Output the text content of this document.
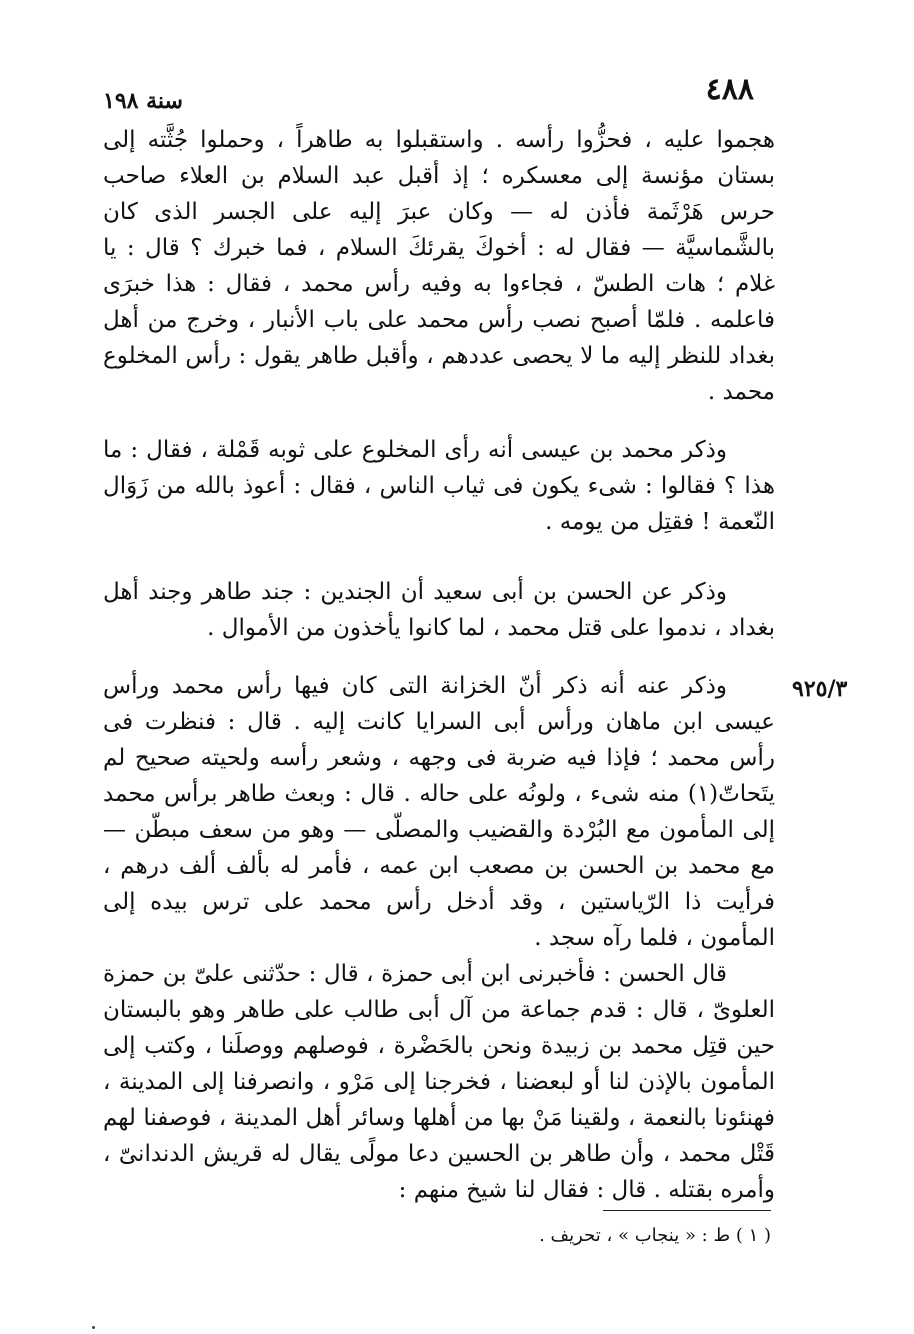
٤٨٨
سنة ١٩٨

هجموا عليه ، فحزُّوا رأسه . واستقبلوا به طاهراً ، وحملوا جُثَّته إلى بستان مؤنسة إلى معسكره ؛ إذ أقبل عبد السلام بن العلاء صاحب حرس هَرْثَمة فأذن له — وكان عبرَ إليه على الجسر الذى كان بالشَّماسيَّة — فقال له : أخوكَ يقرئكَ السلام ، فما خبرك ؟ قال : يا غلام ؛ هات الطسّ ، فجاءوا به وفيه رأس محمد ، فقال : هذا خبرَى فاعلمه . فلمّا أصبح نصب رأس محمد على باب الأنبار ، وخرج من أهل بغداد للنظر إليه ما لا يحصى عددهم ، وأقبل طاهر يقول : رأس المخلوع محمد .

وذكر محمد بن عيسى أنه رأى المخلوع على ثوبه قَمْلة ، فقال : ما هذا ؟ فقالوا : شىء يكون فى ثياب الناس ، فقال : أعوذ بالله من زَوَال النّعمة ! فقتِل من يومه .

وذكر عن الحسن بن أبى سعيد أن الجندين : جند طاهر وجند أهل بغداد ، ندموا على قتل محمد ، لما كانوا يأخذون من الأموال .

٩٢٥/٣

وذكر عنه أنه ذكر أنّ الخزانة التى كان فيها رأس محمد ورأس عيسى ابن ماهان ورأس أبى السرايا كانت إليه . قال : فنظرت فى رأس محمد ؛ فإذا فيه ضربة فى وجهه ، وشعر رأسه ولحيته صحيح لم يتَحاتّ(١) منه شىء ، ولونُه على حاله . قال : وبعث طاهر برأس محمد إلى المأمون مع البُرْدة والقضيب والمصلّى — وهو من سعف مبطّن — مع محمد بن الحسن بن مصعب ابن عمه ، فأمر له بألف ألف درهم ، فرأيت ذا الرّياستين ، وقد أدخل رأس محمد على ترس بيده إلى المأمون ، فلما رآه سجد .

قال الحسن : فأخبرنى ابن أبى حمزة ، قال : حدّثنى علىّ بن حمزة العلوىّ ، قال : قدم جماعة من آل أبى طالب على طاهر وهو بالبستان حين قتِل محمد بن زبيدة ونحن بالحَضْرة ، فوصلهم ووصلَنا ، وكتب إلى المأمون بالإذن لنا أو لبعضنا ، فخرجنا إلى مَرْو ، وانصرفنا إلى المدينة ، فهنئونا بالنعمة ، ولقينا مَنْ بها من أهلها وسائر أهل المدينة ، فوصفنا لهم قَتْل محمد ، وأن طاهر بن الحسين دعا مولًى يقال له قريش الدندانىّ ، وأمره بقتله . قال : فقال لنا شيخ منهم :

( ١ ) ط : « ينجاب » ، تحريف .
